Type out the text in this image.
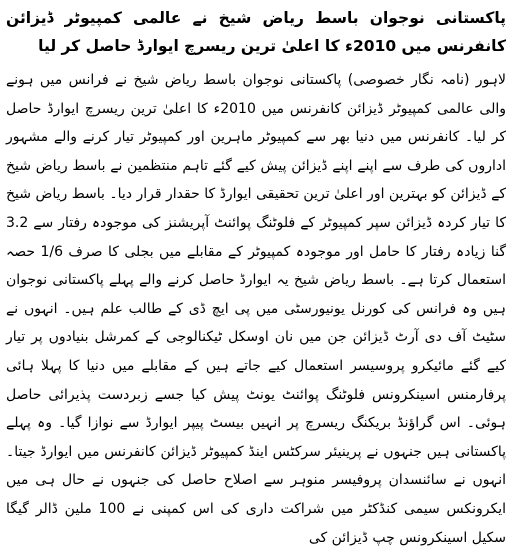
پاکستانی نوجوان باسط ریاض شیخ نے عالمی کمپیوٹر ڈیزائن کانفرنس میں 2010ء کا اعلیٰ ترین ریسرچ ایوارڈ حاصل کر لیا

لاہور (نامہ نگار خصوصی) پاکستانی نوجوان باسط ریاض شیخ نے فرانس میں ہونے والی عالمی کمپیوٹر ڈیزائن کانفرنس میں 2010ء کا اعلیٰ ترین ریسرچ ایوارڈ حاصل کر لیا۔ کانفرنس میں دنیا بھر سے کمپیوٹر ماہرین اور کمپیوٹر تیار کرنے والے مشہور اداروں کی طرف سے اپنے اپنے ڈیزائن پیش کیے گئے تاہم منتظمین نے باسط ریاض شیخ کے ڈیزائن کو بہترین اور اعلیٰ ترین تحقیقی ایوارڈ کا حقدار قرار دیا۔ باسط ریاض شیخ کا تیار کردہ ڈیزائن سپر کمپیوٹر کے فلوٹنگ پوائنٹ آپریشنز کی موجودہ رفتار سے 3.2 گنا زیادہ رفتار کا حامل اور موجودہ کمپیوٹر کے مقابلے میں بجلی کا صرف 1/6 حصہ استعمال کرتا ہے۔ باسط ریاض شیخ یہ ایوارڈ حاصل کرنے والے پہلے پاکستانی نوجوان ہیں وہ فرانس کی کورنل یونیورسٹی میں پی ایچ ڈی کے طالب علم ہیں۔ انہوں نے سٹیٹ آف دی آرٹ ڈیزائن جن میں نان اوسکل ٹیکنالوجی کے کمرشل بنیادوں پر تیار کیے گئے مائیکرو پروسیسر استعمال کیے جاتے ہیں کے مقابلے میں دنیا کا پہلا ہائی پرفارمنس اسینکرونس فلوٹنگ پوائنٹ یونٹ پیش کیا جسے زبردست پذیرائی حاصل ہوئی۔ اس گراؤنڈ بریکنگ ریسرچ پر انہیں بیسٹ پیپر ایوارڈ سے نوازا گیا۔ وہ پہلے پاکستانی ہیں جنہوں نے پرینیئر سرکٹس اینڈ کمپیوٹر ڈیزائن کانفرنس میں ایوارڈ جیتا۔ انہوں نے سائنسدان پروفیسر منوہر سے اصلاح حاصل کی جنہوں نے حال ہی میں ایکرونکس سیمی کنڈکٹر میں شراکت داری کی اس کمپنی نے 100 ملین ڈالر گیگا سکیل اسینکرونس چپ ڈیزائن کی
